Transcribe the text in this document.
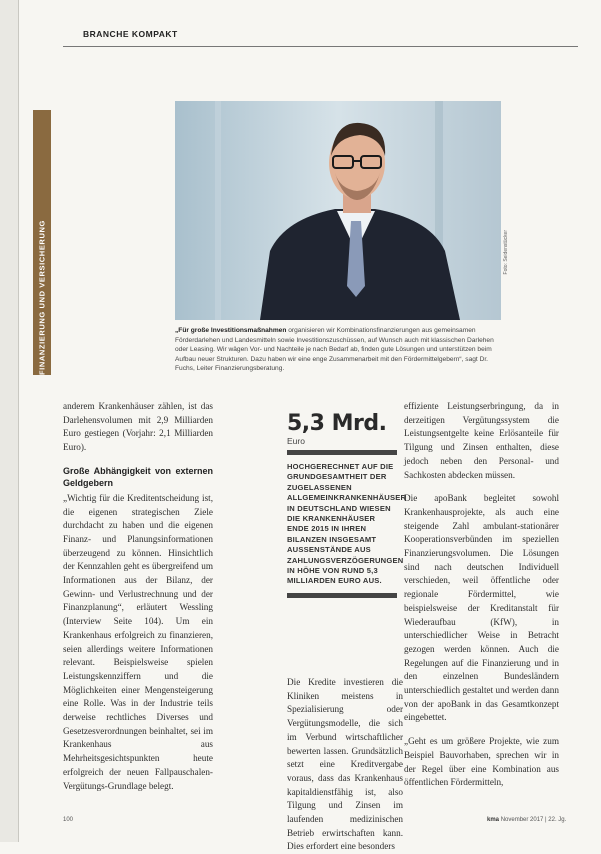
BRANCHE KOMPAKT
FINANZIERUNG UND VERSICHERUNG	Foto: Seidenstücker
„Für große Investitionsmaßnahmen organisieren wir Kombinationsfinanzierungen aus gemeinsamen Förderdarlehen und Landesmitteln sowie Investitionszuschüssen, auf Wunsch auch mit klassischen Darlehen oder Leasing. Wir wägen Vor- und Nachteile je nach Bedarf ab, finden gute Lösungen und unterstützen beim Aufbau neuer Strukturen. Dazu haben wir eine enge Zusammenarbeit mit den Fördermittelgebern“, sagt Dr. Fuchs, Leiter Finanzierungsberatung.

anderem Krankenhäuser zählen, ist das Darlehensvolumen mit 2,9 Milliarden Euro gestiegen (Vorjahr: 2,1 Milliarden Euro).

Große Abhängigkeit von externen Geldgebern

„Wichtig für die Kreditentscheidung ist, die eigenen strategischen Ziele durchdacht zu haben und die eigenen Finanz- und Planungsinformationen überzeugend zu können. Hinsichtlich der Kennzahlen geht es übergreifend um Informationen aus der Bilanz, der Gewinn- und Verlustrechnung und der Finanzplanung“, erläutert Wessling (Interview Seite 104). Um ein Krankenhaus erfolgreich zu finanzieren, seien allerdings weitere Informationen relevant. Beispielsweise spielen Leistungskennziffern und die Möglichkeiten einer Mengensteigerung eine Rolle. Was in der Industrie teils derweise rechtliches Diverses und Gesetzesverordnungen beinhaltet, sei im Krankenhaus aus Mehrheitsgesichtspunkten heute erfolgreich der neuen Fallpauschalen-Vergütungs-Grundlage belegt.

5,3 Mrd.
Euro
HOCHGERECHNET AUF DIE GRUNDGESAMTHEIT DER ZUGELASSENEN ALLGEMEINKRANKENHÄUSER IN DEUTSCHLAND WIESEN DIE KRANKENHÄUSER ENDE 2015 IN IHREN BILANZEN INSGESAMT AUSSENSTÄNDE AUS ZAHLUNGSVERZÖGERUNGEN IN HÖHE VON RUND 5,3 MILLIARDEN EURO AUS.

Die Kredite investieren die Kliniken meistens in Spezialisierung oder Vergütungsmodelle, die sich im Verbund wirtschaftlicher bewerten lassen. Grundsätzlich setzt eine Kreditvergabe voraus, dass das Krankenhaus kapitaldienstfähig ist, also Tilgung und Zinsen im laufenden medizinischen Betrieb erwirtschaften kann. Dies erfordert eine besonders

effiziente Leistungserbringung, da in derzeitigen Vergütungssystem die Leistungsentgelte keine Erlösanteile für Tilgung und Zinsen enthalten, diese jedoch neben den Personal- und Sachkosten abdecken müssen.

Die apoBank begleitet sowohl Krankenhausprojekte, als auch eine steigende Zahl ambulant-stationärer Kooperationsverbünden im speziellen Finanzierungsvolumen. Die Lösungen sind nach deutschen Individuell verschieden, weil öffentliche oder regionale Fördermittel, wie beispielsweise der Kreditanstalt für Wiederaufbau (KfW), in unterschiedlicher Weise in Betracht gezogen werden können. Auch die Regelungen auf die Finanzierung und in den einzelnen Bundesländern unterschiedlich gestaltet und werden dann von der apoBank in das Gesamtkonzept eingebettet.

„Geht es um größere Projekte, wie zum Beispiel Bauvorhaben, sprechen wir in der Regel über eine Kombination aus öffentlichen Fördermitteln,

100	kma November 2017 | 22. Jg.
